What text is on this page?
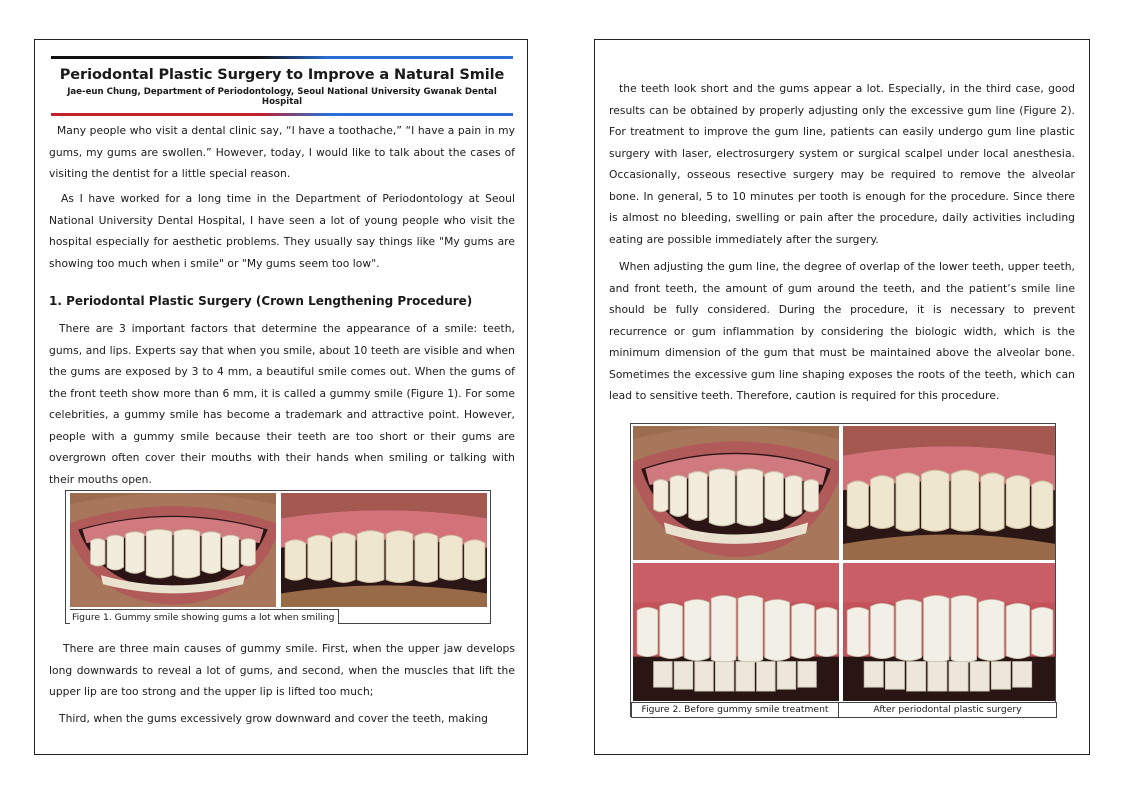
Periodontal Plastic Surgery to Improve a Natural Smile
Jae-eun Chung, Department of Periodontology, Seoul National University Gwanak Dental Hospital

Many people who visit a dental clinic say, “I have a toothache,” “I have a pain in my gums, my gums are swollen.” However, today, I would like to talk about the cases of visiting the dentist for a little special reason.

As I have worked for a long time in the Department of Periodontology at Seoul National University Dental Hospital, I have seen a lot of young people who visit the hospital especially for aesthetic problems. They usually say things like "My gums are showing too much when i smile" or "My gums seem too low".

1. Periodontal Plastic Surgery (Crown Lengthening Procedure)

There are 3 important factors that determine the appearance of a smile: teeth, gums, and lips. Experts say that when you smile, about 10 teeth are visible and when the gums are exposed by 3 to 4 mm, a beautiful smile comes out. When the gums of the front teeth show more than 6 mm, it is called a gummy smile (Figure 1). For some celebrities, a gummy smile has become a trademark and attractive point. However, people with a gummy smile because their teeth are too short or their gums are overgrown often cover their mouths with their hands when smiling or talking with their mouths open.

Figure 1. Gummy smile showing gums a lot when smiling

There are three main causes of gummy smile. First, when the upper jaw develops long downwards to reveal a lot of gums, and second, when the muscles that lift the upper lip are too strong and the upper lip is lifted too much;

Third, when the gums excessively grow downward and cover the teeth, making

the teeth look short and the gums appear a lot. Especially, in the third case, good results can be obtained by properly adjusting only the excessive gum line (Figure 2). For treatment to improve the gum line, patients can easily undergo gum line plastic surgery with laser, electrosurgery system or surgical scalpel under local anesthesia. Occasionally, osseous resective surgery may be required to remove the alveolar bone. In general, 5 to 10 minutes per tooth is enough for the procedure. Since there is almost no bleeding, swelling or pain after the procedure, daily activities including eating are possible immediately after the surgery.

When adjusting the gum line, the degree of overlap of the lower teeth, upper teeth, and front teeth, the amount of gum around the teeth, and the patient’s smile line should be fully considered. During the procedure, it is necessary to prevent recurrence or gum inflammation by considering the biologic width, which is the minimum dimension of the gum that must be maintained above the alveolar bone. Sometimes the excessive gum line shaping exposes the roots of the teeth, which can lead to sensitive teeth. Therefore, caution is required for this procedure.

Figure 2. Before gummy smile treatment	After periodontal plastic surgery
